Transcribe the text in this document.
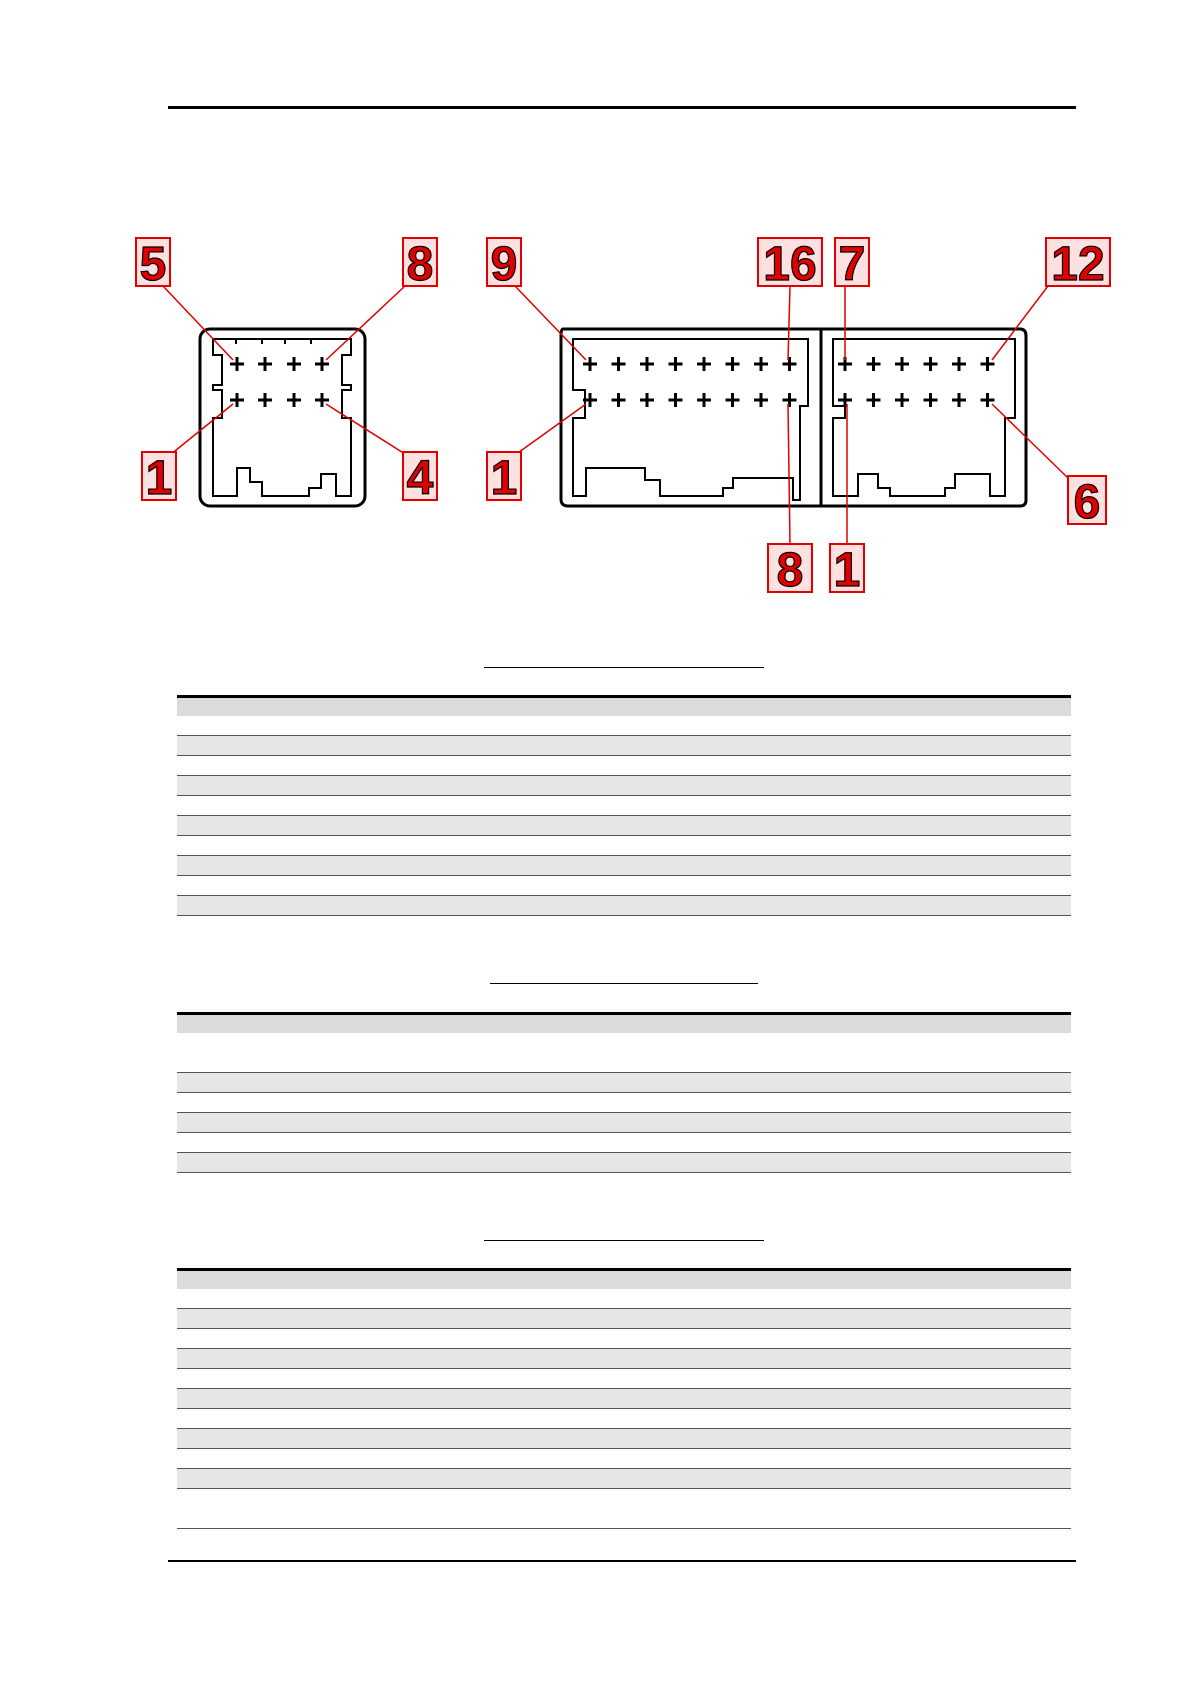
5	8
1	4
9	16
1
8
7	12
1
6
